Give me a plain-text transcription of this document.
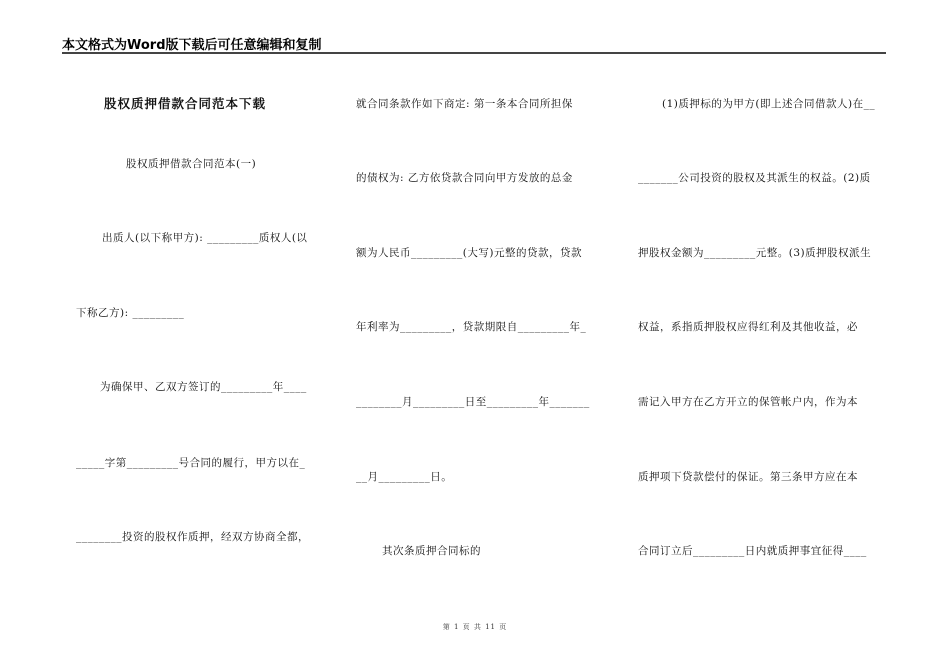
本文格式为Word版下载后可任意编辑和复制
股权质押借款合同范本下载
股权质押借款合同范本(一)
出质人(以下称甲方): _________质权人(以
下称乙方): _________
为确保甲、乙双方签订的_________年____
_____字第_________号合同的履行，甲方以在_
________投资的股权作质押，经双方协商全都，
就合同条款作如下商定: 第一条本合同所担保
的债权为: 乙方依贷款合同向甲方发放的总金
额为人民币_________(大写)元整的贷款，贷款
年利率为_________，贷款期限自_________年_
________月_________日至_________年_______
__月_________日。
其次条质押合同标的
(1)质押标的为甲方(即上述合同借款人)在__
_______公司投资的股权及其派生的权益。(2)质
押股权金额为_________元整。(3)质押股权派生
权益，系指质押股权应得红利及其他收益，必
需记入甲方在乙方开立的保管帐户内，作为本
质押项下贷款偿付的保证。第三条甲方应在本
合同订立后_________日内就质押事宜征得____
第 1 页 共 11 页
